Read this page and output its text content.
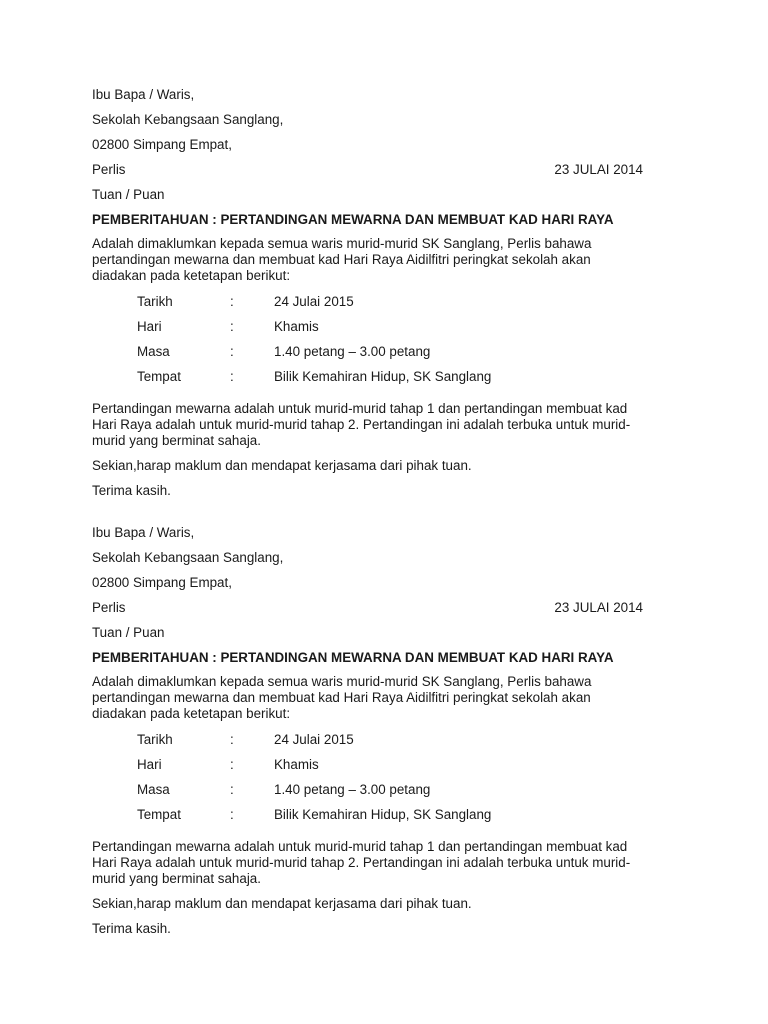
Ibu Bapa / Waris,
Sekolah Kebangsaan Sanglang,
02800 Simpang Empat,
Perlis	23 JULAI 2014
Tuan / Puan
PEMBERITAHUAN : PERTANDINGAN MEWARNA DAN MEMBUAT KAD HARI RAYA
Adalah dimaklumkan kepada semua waris murid-murid SK Sanglang, Perlis bahawa
pertandingan mewarna dan membuat kad Hari Raya Aidilfitri peringkat sekolah akan
diadakan pada ketetapan berikut:
Tarikh	:	24 Julai 2015
Hari	:	Khamis
Masa	:	1.40 petang – 3.00 petang
Tempat	:	Bilik Kemahiran Hidup, SK Sanglang
Pertandingan mewarna adalah untuk murid-murid tahap 1 dan pertandingan membuat kad
Hari Raya adalah untuk murid-murid tahap 2. Pertandingan ini adalah terbuka untuk murid-
murid yang berminat sahaja.
Sekian,harap maklum dan mendapat kerjasama dari pihak tuan.
Terima kasih.
Ibu Bapa / Waris,
Sekolah Kebangsaan Sanglang,
02800 Simpang Empat,
Perlis	23 JULAI 2014
Tuan / Puan
PEMBERITAHUAN : PERTANDINGAN MEWARNA DAN MEMBUAT KAD HARI RAYA
Adalah dimaklumkan kepada semua waris murid-murid SK Sanglang, Perlis bahawa
pertandingan mewarna dan membuat kad Hari Raya Aidilfitri peringkat sekolah akan
diadakan pada ketetapan berikut:
Tarikh	:	24 Julai 2015
Hari	:	Khamis
Masa	:	1.40 petang – 3.00 petang
Tempat	:	Bilik Kemahiran Hidup, SK Sanglang
Pertandingan mewarna adalah untuk murid-murid tahap 1 dan pertandingan membuat kad
Hari Raya adalah untuk murid-murid tahap 2. Pertandingan ini adalah terbuka untuk murid-
murid yang berminat sahaja.
Sekian,harap maklum dan mendapat kerjasama dari pihak tuan.
Terima kasih.
